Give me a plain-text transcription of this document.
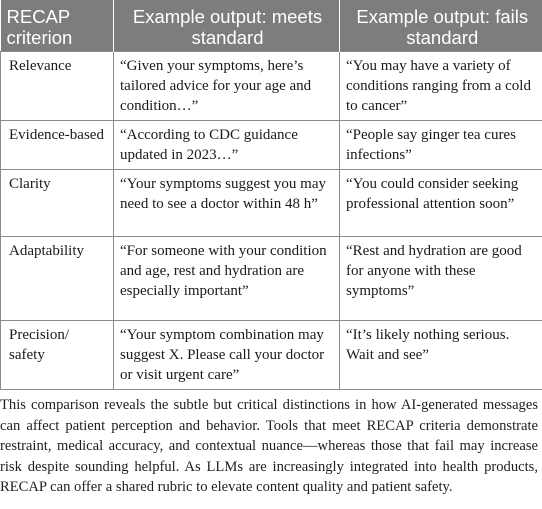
RECAP criterion	Example output: meets standard	Example output: fails standard
Relevance	“Given your symptoms, here’s tailored advice for your age and condition…”	“You may have a variety of conditions ranging from a cold to cancer”
Evidence-based	“According to CDC guidance updated in 2023…”	“People say ginger tea cures infections”
Clarity	“Your symptoms suggest you may need to see a doctor within 48 h”	“You could consider seeking professional attention soon”
Adaptability	“For someone with your condition and age, rest and hydration are especially important”	“Rest and hydration are good for anyone with these symptoms”
Precision/ safety	“Your symptom combination may suggest X. Please call your doctor or visit urgent care”	“It’s likely nothing serious. Wait and see”

This comparison reveals the subtle but critical distinctions in how AI-generated messages can affect patient perception and behavior. Tools that meet RECAP criteria demonstrate restraint, medical accuracy, and contextual nuance—whereas those that fail may increase risk despite sounding helpful. As LLMs are increasingly integrated into health products, RECAP can offer a shared rubric to elevate content quality and patient safety.
